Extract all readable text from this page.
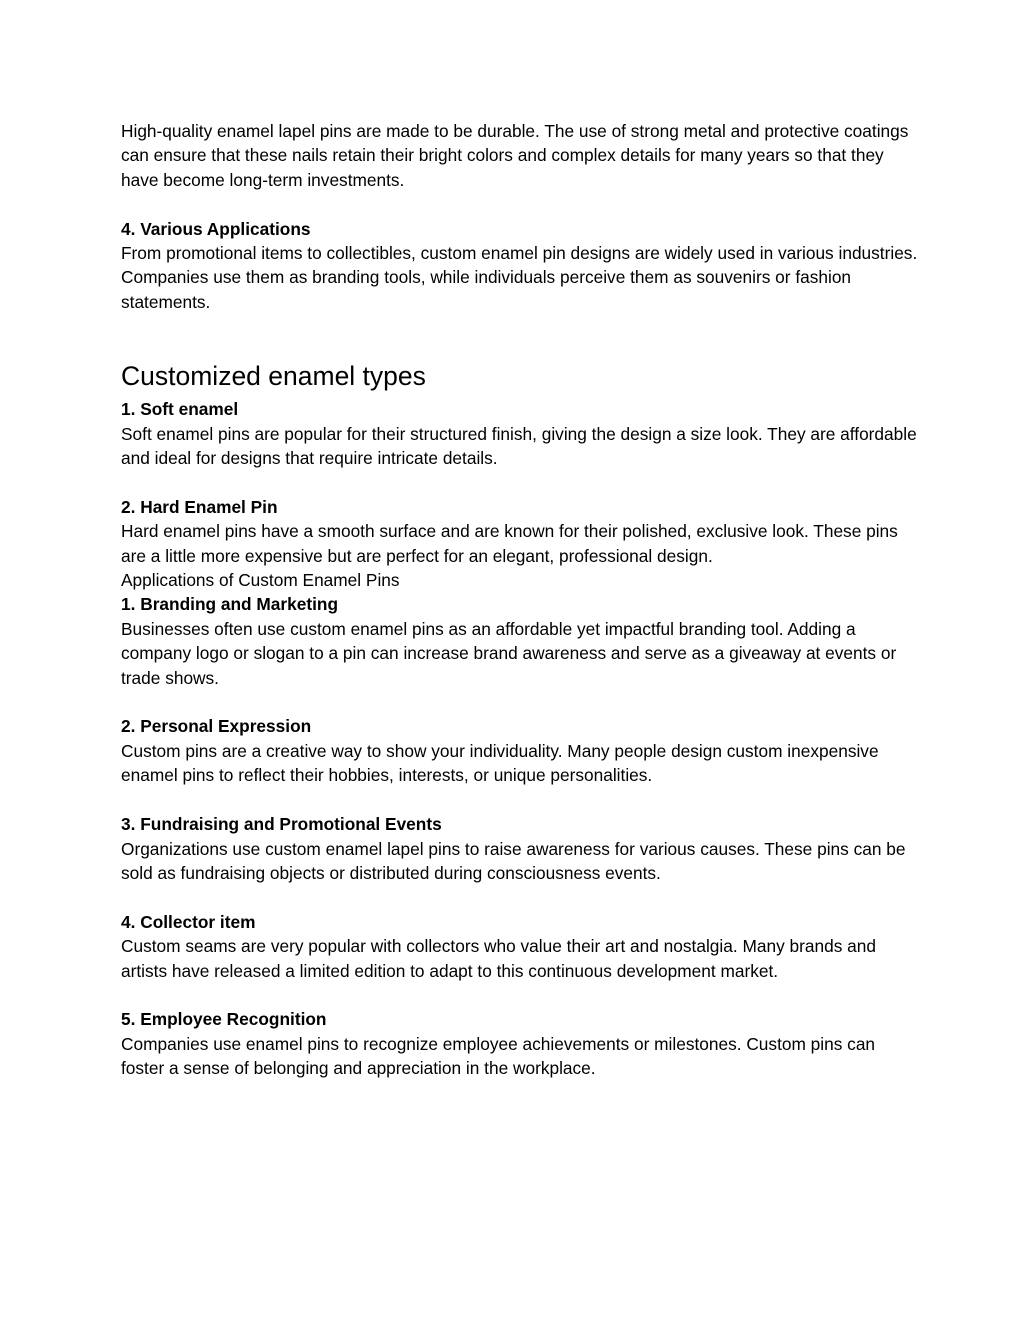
High-quality enamel lapel pins are made to be durable. The use of strong metal and protective coatings can ensure that these nails retain their bright colors and complex details for many years so that they have become long-term investments.

4. Various Applications

From promotional items to collectibles, custom enamel pin designs are widely used in various industries. Companies use them as branding tools, while individuals perceive them as souvenirs or fashion statements.

Customized enamel types

1. Soft enamel

Soft enamel pins are popular for their structured finish, giving the design a size look. They are affordable and ideal for designs that require intricate details.

2. Hard Enamel Pin

Hard enamel pins have a smooth surface and are known for their polished, exclusive look. These pins are a little more expensive but are perfect for an elegant, professional design.

Applications of Custom Enamel Pins

1. Branding and Marketing

Businesses often use custom enamel pins as an affordable yet impactful branding tool. Adding a company logo or slogan to a pin can increase brand awareness and serve as a giveaway at events or trade shows.

2. Personal Expression

Custom pins are a creative way to show your individuality. Many people design custom inexpensive enamel pins to reflect their hobbies, interests, or unique personalities.

3. Fundraising and Promotional Events

Organizations use custom enamel lapel pins to raise awareness for various causes. These pins can be sold as fundraising objects or distributed during consciousness events.

4. Collector item

Custom seams are very popular with collectors who value their art and nostalgia. Many brands and artists have released a limited edition to adapt to this continuous development market.

5. Employee Recognition

Companies use enamel pins to recognize employee achievements or milestones. Custom pins can foster a sense of belonging and appreciation in the workplace.
